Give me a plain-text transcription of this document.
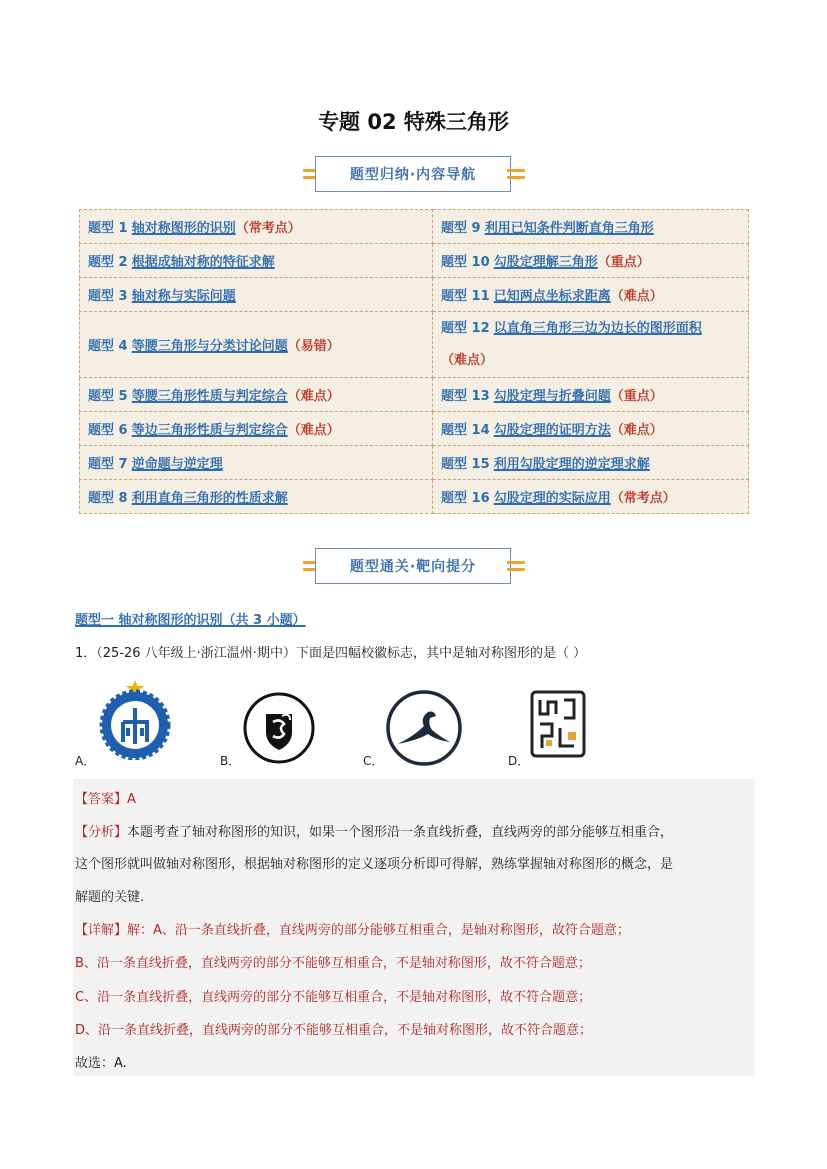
专题 02 特殊三角形
题型归纳·内容导航
题型 1 轴对称图形的识别（常考点）	题型 9 利用已知条件判断直角三角形
题型 2 根据成轴对称的特征求解	题型 10 勾股定理解三角形（重点）
题型 3 轴对称与实际问题	题型 11 已知两点坐标求距离（难点）
题型 4 等腰三角形与分类讨论问题（易错）	题型 12 以直角三角形三边为边长的图形面积
（难点）
题型 5 等腰三角形性质与判定综合（难点）	题型 13 勾股定理与折叠问题（重点）
题型 6 等边三角形性质与判定综合（难点）	题型 14 勾股定理的证明方法（难点）
题型 7 逆命题与逆定理	题型 15 利用勾股定理的逆定理求解
题型 8 利用直角三角形的性质求解	题型 16 勾股定理的实际应用（常考点）
题型通关·靶向提分
题型一 轴对称图形的识别（共 3 小题）
1．（25-26 八年级上·浙江温州·期中）下面是四幅校徽标志，其中是轴对称图形的是（ ）
A．	B．	C．	D．
【答案】A
【分析】本题考查了轴对称图形的知识，如果一个图形沿一条直线折叠，直线两旁的部分能够互相重合，
这个图形就叫做轴对称图形，根据轴对称图形的定义逐项分析即可得解，熟练掌握轴对称图形的概念，是
解题的关键.
【详解】解：A、沿一条直线折叠，直线两旁的部分能够互相重合，是轴对称图形，故符合题意；
B、沿一条直线折叠，直线两旁的部分不能够互相重合，不是轴对称图形，故不符合题意；
C、沿一条直线折叠，直线两旁的部分不能够互相重合，不是轴对称图形，故不符合题意；
D、沿一条直线折叠，直线两旁的部分不能够互相重合，不是轴对称图形，故不符合题意；
故选：A.
